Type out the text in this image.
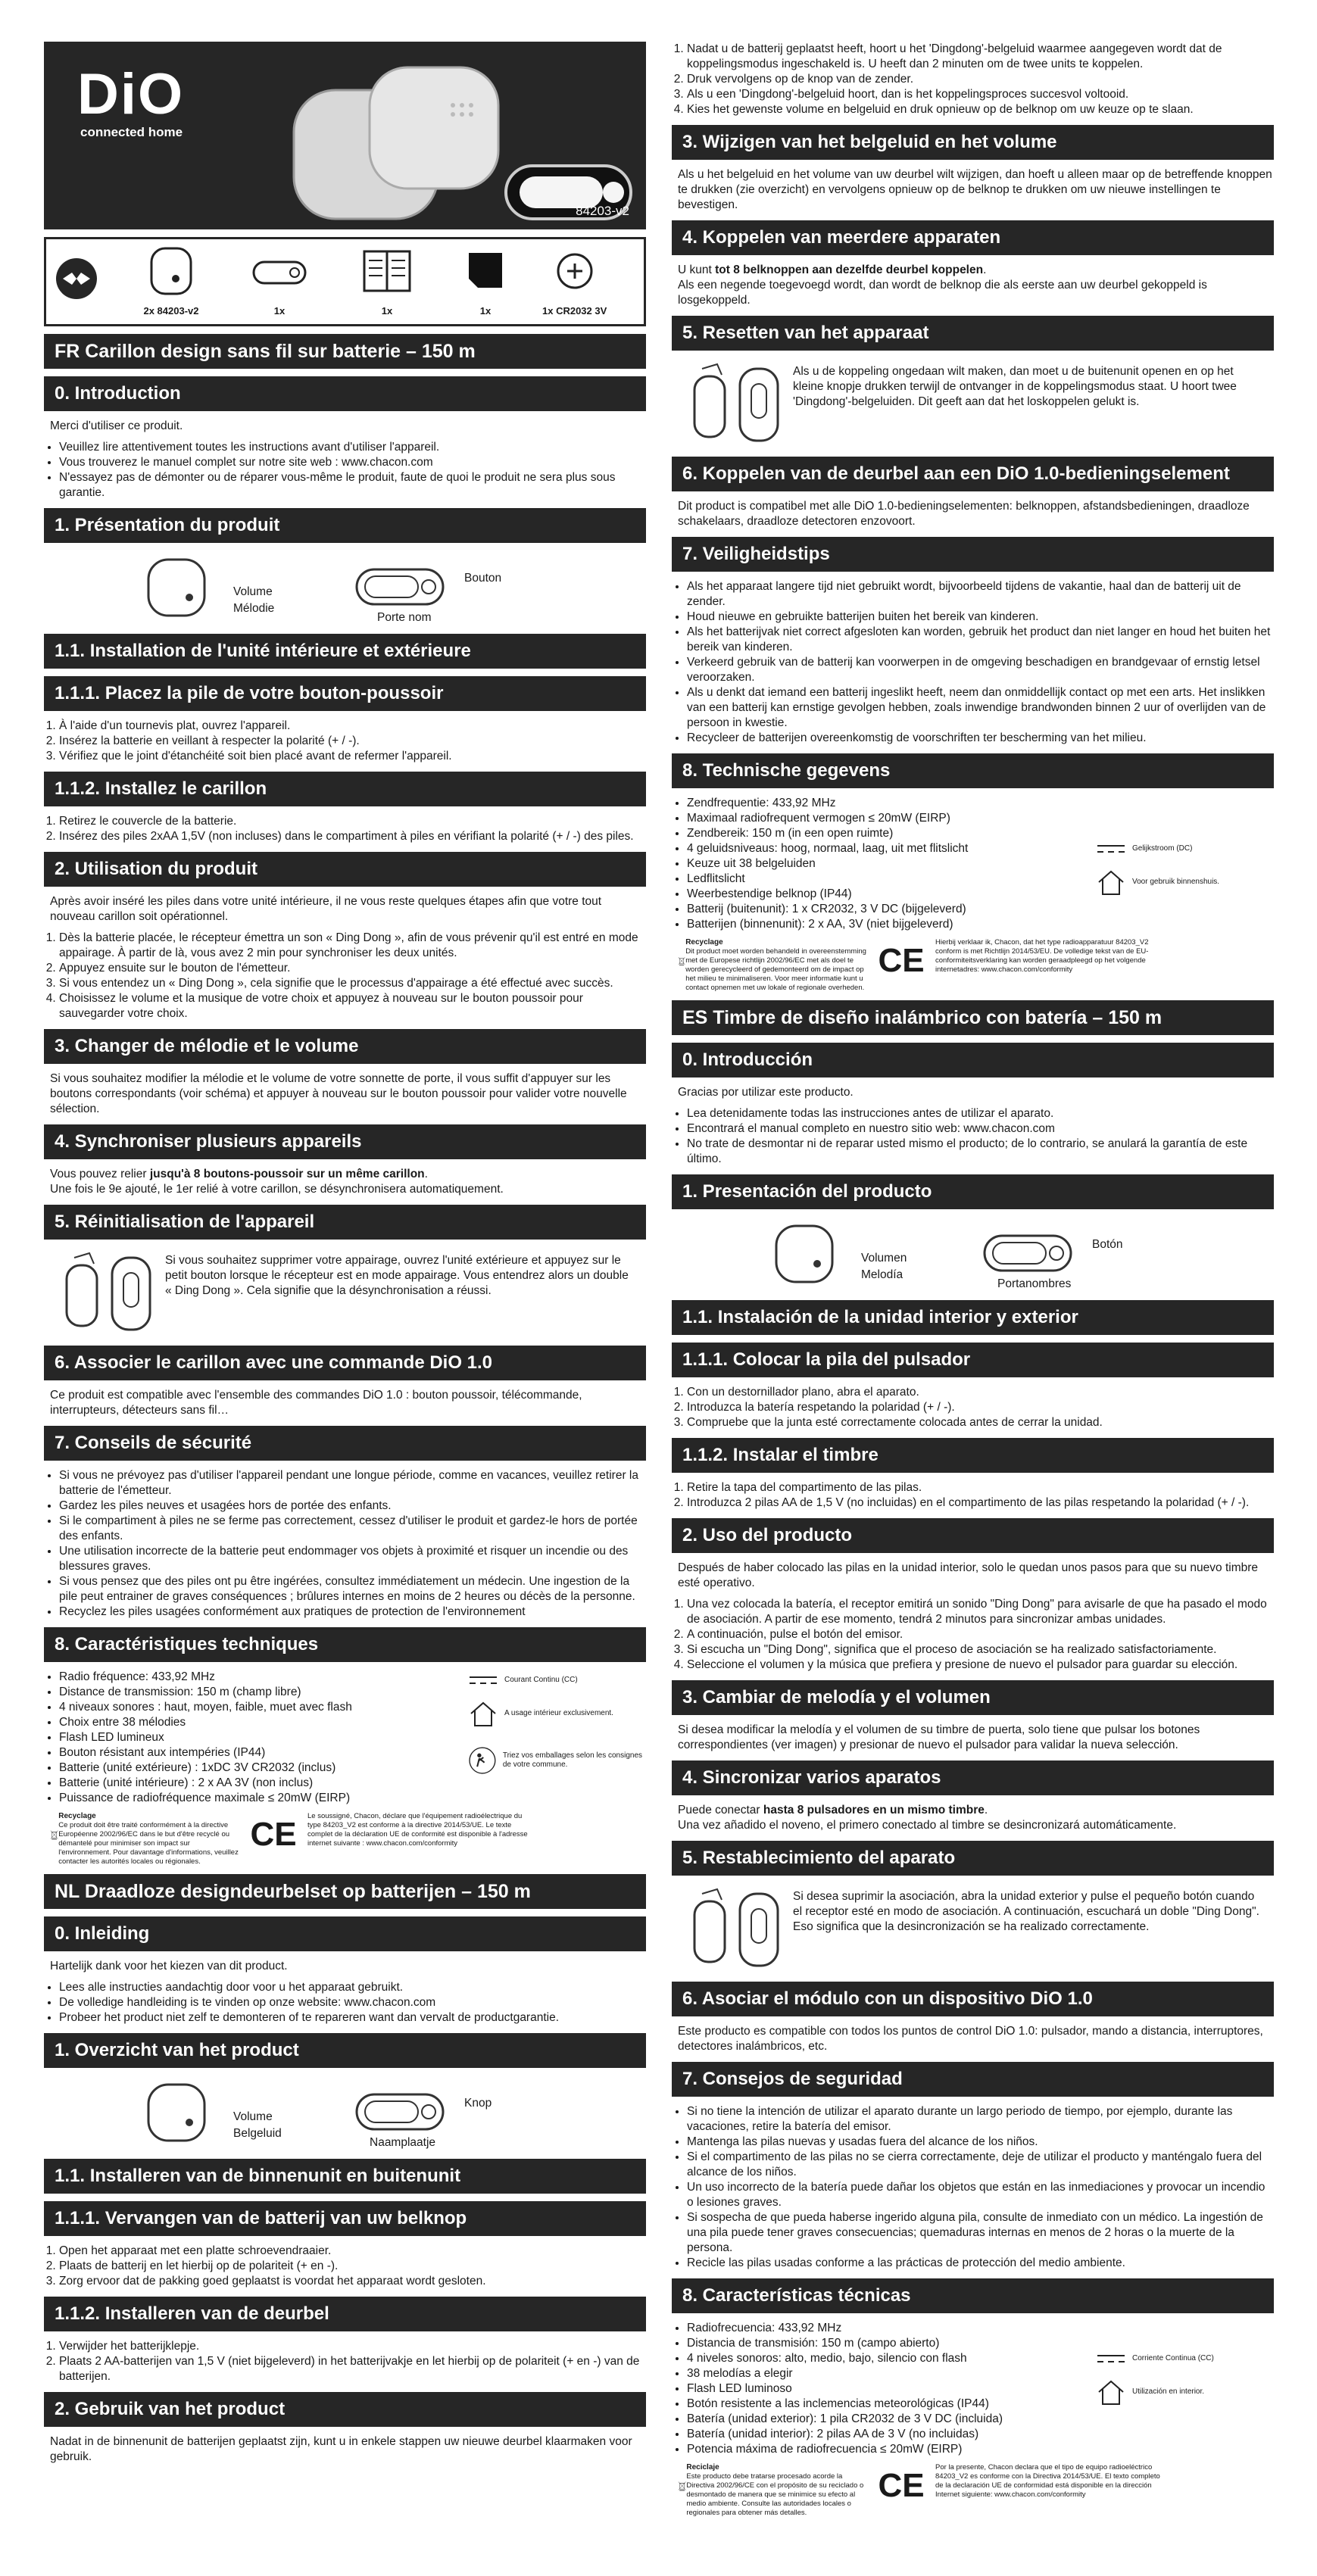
DiO
connected home
84203-v2
2x 84203-v2	1x	1x	1x	1x CR2032 3V
FR Carillon design sans fil sur batterie – 150 m
0. Introduction
Merci d'utiliser ce produit.
• Veuillez lire attentivement toutes les instructions avant d'utiliser l'appareil.
• Vous trouverez le manuel complet sur notre site web : www.chacon.com
• N'essayez pas de démonter ou de réparer vous-même le produit, faute de quoi le produit ne sera plus sous garantie.
1. Présentation du produit
Volume
Mélodie
Bouton
Porte nom
1.1. Installation de l'unité intérieure et extérieure
1.1.1. Placez la pile de votre bouton-poussoir
1. À l'aide d'un tournevis plat, ouvrez l'appareil.
2. Insérez la batterie en veillant à respecter la polarité (+ / -).
3. Vérifiez que le joint d'étanchéité soit bien placé avant de refermer l'appareil.
1.1.2. Installez le carillon
1. Retirez le couvercle de la batterie.
2. Insérez des piles 2xAA 1,5V (non incluses) dans le compartiment à piles en vérifiant la polarité (+ / -) des piles.
2. Utilisation du produit
Après avoir inséré les piles dans votre unité intérieure, il ne vous reste quelques étapes afin que votre tout nouveau carillon soit opérationnel.
1. Dès la batterie placée, le récepteur émettra un son « Ding Dong », afin de vous prévenir qu'il est entré en mode appairage. À partir de là, vous avez 2 min pour synchroniser les deux unités.
2. Appuyez ensuite sur le bouton de l'émetteur.
3. Si vous entendez un « Ding Dong », cela signifie que le processus d'appairage a été effectué avec succès.
4. Choisissez le volume et la musique de votre choix et appuyez à nouveau sur le bouton poussoir pour sauvegarder votre choix.
3. Changer de mélodie et le volume
Si vous souhaitez modifier la mélodie et le volume de votre sonnette de porte, il vous suffit d'appuyer sur les boutons correspondants (voir schéma) et appuyer à nouveau sur le bouton poussoir pour valider votre nouvelle sélection.
4. Synchroniser plusieurs appareils
Vous pouvez relier jusqu'à 8 boutons-poussoir sur un même carillon.
Une fois le 9e ajouté, le 1er relié à votre carillon, se désynchronisera automatiquement.
5. Réinitialisation de l'appareil
Si vous souhaitez supprimer votre appairage, ouvrez l'unité extérieure et appuyez sur le petit bouton lorsque le récepteur est en mode appairage. Vous entendrez alors un double « Ding Dong ». Cela signifie que la désynchronisation a réussi.
6. Associer le carillon avec une commande DiO 1.0
Ce produit est compatible avec l'ensemble des commandes DiO 1.0 : bouton poussoir, télécommande, interrupteurs, détecteurs sans fil…
7. Conseils de sécurité
• Si vous ne prévoyez pas d'utiliser l'appareil pendant une longue période, comme en vacances, veuillez retirer la batterie de l'émetteur.
• Gardez les piles neuves et usagées hors de portée des enfants.
• Si le compartiment à piles ne se ferme pas correctement, cessez d'utiliser le produit et gardez-le hors de portée des enfants.
• Une utilisation incorrecte de la batterie peut endommager vos objets à proximité et risquer un incendie ou des blessures graves.
• Si vous pensez que des piles ont pu être ingérées, consultez immédiatement un médecin. Une ingestion de la pile peut entrainer de graves conséquences ; brûlures internes en moins de 2 heures ou décès de la personne.
• Recyclez les piles usagées conformément aux pratiques de protection de l'environnement
8. Caractéristiques techniques
• Radio fréquence: 433,92 MHz
• Distance de transmission: 150 m (champ libre)
• 4 niveaux sonores : haut, moyen, faible, muet avec flash
• Choix entre 38 mélodies
• Flash LED lumineux
• Bouton résistant aux intempéries (IP44)
• Batterie (unité extérieure) : 1xDC 3V CR2032 (inclus)
• Batterie (unité intérieure) : 2 x AA 3V (non inclus)
• Puissance de radiofréquence maximale ≤ 20mW (EIRP)
Courant Continu (CC)
A usage intérieur exclusivement.
Triez vos emballages selon les consignes de votre commune.
Recyclage
Ce produit doit être traité conformément à la directive Européenne 2002/96/EC dans le but d'être recyclé ou démantelé pour minimiser son impact sur l'environnement. Pour davantage d'informations, veuillez contacter les autorités locales ou régionales.
CE	Le soussigné, Chacon, déclare que l'équipement radioélectrique du type 84203_V2 est conforme à la directive 2014/53/UE. Le texte complet de la déclaration UE de conformité est disponible à l'adresse internet suivante : www.chacon.com/conformity
NL Draadloze designdeurbelset op batterijen – 150 m
0. Inleiding
Hartelijk dank voor het kiezen van dit product.
• Lees alle instructies aandachtig door voor u het apparaat gebruikt.
• De volledige handleiding is te vinden op onze website: www.chacon.com
• Probeer het product niet zelf te demonteren of te repareren want dan vervalt de productgarantie.
1. Overzicht van het product
Volume
Belgeluid
Knop
Naamplaatje
1.1. Installeren van de binnenunit en buitenunit
1.1.1. Vervangen van de batterij van uw belknop
1. Open het apparaat met een platte schroevendraaier.
2. Plaats de batterij en let hierbij op de polariteit (+ en -).
3. Zorg ervoor dat de pakking goed geplaatst is voordat het apparaat wordt gesloten.
1.1.2. Installeren van de deurbel
1. Verwijder het batterijklepje.
2. Plaats 2 AA-batterijen van 1,5 V (niet bijgeleverd) in het batterijvakje en let hierbij op de polariteit (+ en -) van de batterijen.
2. Gebruik van het product
Nadat in de binnenunit de batterijen geplaatst zijn, kunt u in enkele stappen uw nieuwe deurbel klaarmaken voor gebruik.
1. Nadat u de batterij geplaatst heeft, hoort u het 'Dingdong'-belgeluid waarmee aangegeven wordt dat de koppelingsmodus ingeschakeld is. U heeft dan 2 minuten om de twee units te koppelen.
2. Druk vervolgens op de knop van de zender.
3. Als u een 'Dingdong'-belgeluid hoort, dan is het koppelingsproces succesvol voltooid.
4. Kies het gewenste volume en belgeluid en druk opnieuw op de belknop om uw keuze op te slaan.
3. Wijzigen van het belgeluid en het volume
Als u het belgeluid en het volume van uw deurbel wilt wijzigen, dan hoeft u alleen maar op de betreffende knoppen te drukken (zie overzicht) en vervolgens opnieuw op de belknop te drukken om uw nieuwe instellingen te bevestigen.
4. Koppelen van meerdere apparaten
U kunt tot 8 belknoppen aan dezelfde deurbel koppelen.
Als een negende toegevoegd wordt, dan wordt de belknop die als eerste aan uw deurbel gekoppeld is losgekoppeld.
5. Resetten van het apparaat
Als u de koppeling ongedaan wilt maken, dan moet u de buitenunit openen en op het kleine knopje drukken terwijl de ontvanger in de koppelingsmodus staat. U hoort twee 'Dingdong'-belgeluiden. Dit geeft aan dat het loskoppelen gelukt is.
6. Koppelen van de deurbel aan een DiO 1.0-bedieningselement
Dit product is compatibel met alle DiO 1.0-bedieningselementen: belknoppen, afstandsbedieningen, draadloze schakelaars, draadloze detectoren enzovoort.
7. Veiligheidstips
• Als het apparaat langere tijd niet gebruikt wordt, bijvoorbeeld tijdens de vakantie, haal dan de batterij uit de zender.
• Houd nieuwe en gebruikte batterijen buiten het bereik van kinderen.
• Als het batterijvak niet correct afgesloten kan worden, gebruik het product dan niet langer en houd het buiten het bereik van kinderen.
• Verkeerd gebruik van de batterij kan voorwerpen in de omgeving beschadigen en brandgevaar of ernstig letsel veroorzaken.
• Als u denkt dat iemand een batterij ingeslikt heeft, neem dan onmiddellijk contact op met een arts. Het inslikken van een batterij kan ernstige gevolgen hebben, zoals inwendige brandwonden binnen 2 uur of overlijden van de persoon in kwestie.
• Recycleer de batterijen overeenkomstig de voorschriften ter bescherming van het milieu.
8. Technische gegevens
• Zendfrequentie: 433,92 MHz
• Maximaal radiofrequent vermogen ≤ 20mW (EIRP)
• Zendbereik: 150 m (in een open ruimte)
• 4 geluidsniveaus: hoog, normaal, laag, uit met flitslicht
• Keuze uit 38 belgeluiden
• Ledflitslicht
• Weerbestendige belknop (IP44)
• Batterij (buitenunit): 1 x CR2032, 3 V DC (bijgeleverd)
• Batterijen (binnenunit): 2 x AA, 3V (niet bijgeleverd)
Gelijkstroom (DC)
Voor gebruik binnenshuis.
Recyclage
Dit product moet worden behandeld in overeenstemming met de Europese richtlijn 2002/96/EC met als doel te worden gerecycleerd of gedemonteerd om de impact op het milieu te minimaliseren. Voor meer informatie kunt u contact opnemen met uw lokale of regionale overheden.
CE	Hierbij verklaar ik, Chacon, dat het type radioapparatuur 84203_V2 conform is met Richtlijn 2014/53/EU. De volledige tekst van de EU-conformiteitsverklaring kan worden geraadpleegd op het volgende internetadres: www.chacon.com/conformity
ES Timbre de diseño inalámbrico con batería – 150 m
0. Introducción
Gracias por utilizar este producto.
• Lea detenidamente todas las instrucciones antes de utilizar el aparato.
• Encontrará el manual completo en nuestro sitio web: www.chacon.com
• No trate de desmontar ni de reparar usted mismo el producto; de lo contrario, se anulará la garantía de este último.
1. Presentación del producto
Volumen
Melodía
Botón
Portanombres
1.1. Instalación de la unidad interior y exterior
1.1.1. Colocar la pila del pulsador
1. Con un destornillador plano, abra el aparato.
2. Introduzca la batería respetando la polaridad (+ / -).
3. Compruebe que la junta esté correctamente colocada antes de cerrar la unidad.
1.1.2. Instalar el timbre
1. Retire la tapa del compartimento de las pilas.
2. Introduzca 2 pilas AA de 1,5 V (no incluidas) en el compartimento de las pilas respetando la polaridad (+ / -).
2. Uso del producto
Después de haber colocado las pilas en la unidad interior, solo le quedan unos pasos para que su nuevo timbre esté operativo.
1. Una vez colocada la batería, el receptor emitirá un sonido "Ding Dong" para avisarle de que ha pasado el modo de asociación. A partir de ese momento, tendrá 2 minutos para sincronizar ambas unidades.
2. A continuación, pulse el botón del emisor.
3. Si escucha un "Ding Dong", significa que el proceso de asociación se ha realizado satisfactoriamente.
4. Seleccione el volumen y la música que prefiera y presione de nuevo el pulsador para guardar su elección.
3. Cambiar de melodía y el volumen
Si desea modificar la melodía y el volumen de su timbre de puerta, solo tiene que pulsar los botones correspondientes (ver imagen) y presionar de nuevo el pulsador para validar la nueva selección.
4. Sincronizar varios aparatos
Puede conectar hasta 8 pulsadores en un mismo timbre.
Una vez añadido el noveno, el primero conectado al timbre se desincronizará automáticamente.
5. Restablecimiento del aparato
Si desea suprimir la asociación, abra la unidad exterior y pulse el pequeño botón cuando el receptor esté en modo de asociación. A continuación, escuchará un doble "Ding Dong". Eso significa que la desincronización se ha realizado correctamente.
6. Asociar el módulo con un dispositivo DiO 1.0
Este producto es compatible con todos los puntos de control DiO 1.0: pulsador, mando a distancia, interruptores, detectores inalámbricos, etc.
7. Consejos de seguridad
• Si no tiene la intención de utilizar el aparato durante un largo periodo de tiempo, por ejemplo, durante las vacaciones, retire la batería del emisor.
• Mantenga las pilas nuevas y usadas fuera del alcance de los niños.
• Si el compartimento de las pilas no se cierra correctamente, deje de utilizar el producto y manténgalo fuera del alcance de los niños.
• Un uso incorrecto de la batería puede dañar los objetos que están en las inmediaciones y provocar un incendio o lesiones graves.
• Si sospecha de que pueda haberse ingerido alguna pila, consulte de inmediato con un médico. La ingestión de una pila puede tener graves consecuencias; quemaduras internas en menos de 2 horas o la muerte de la persona.
• Recicle las pilas usadas conforme a las prácticas de protección del medio ambiente.
8. Características técnicas
• Radiofrecuencia: 433,92 MHz
• Distancia de transmisión: 150 m (campo abierto)
• 4 niveles sonoros: alto, medio, bajo, silencio con flash
• 38 melodías a elegir
• Flash LED luminoso
• Botón resistente a las inclemencias meteorológicas (IP44)
• Batería (unidad exterior): 1 pila CR2032 de 3 V DC (incluida)
• Batería (unidad interior): 2 pilas AA de 3 V (no incluidas)
• Potencia máxima de radiofrecuencia ≤ 20mW (EIRP)
Corriente Continua (CC)
Utilización en interior.
Reciclaje
Este producto debe tratarse procesado acorde la Directiva 2002/96/CE con el propósito de su reciclado o desmontado de manera que se minimice su efecto al medio ambiente. Consulte las autoridades locales o regionales para obtener más detalles.
CE	Por la presente, Chacon declara que el tipo de equipo radioeléctrico 84203_V2 es conforme con la Directiva 2014/53/UE. El texto completo de la declaración UE de conformidad está disponible en la dirección Internet siguiente: www.chacon.com/conformity
